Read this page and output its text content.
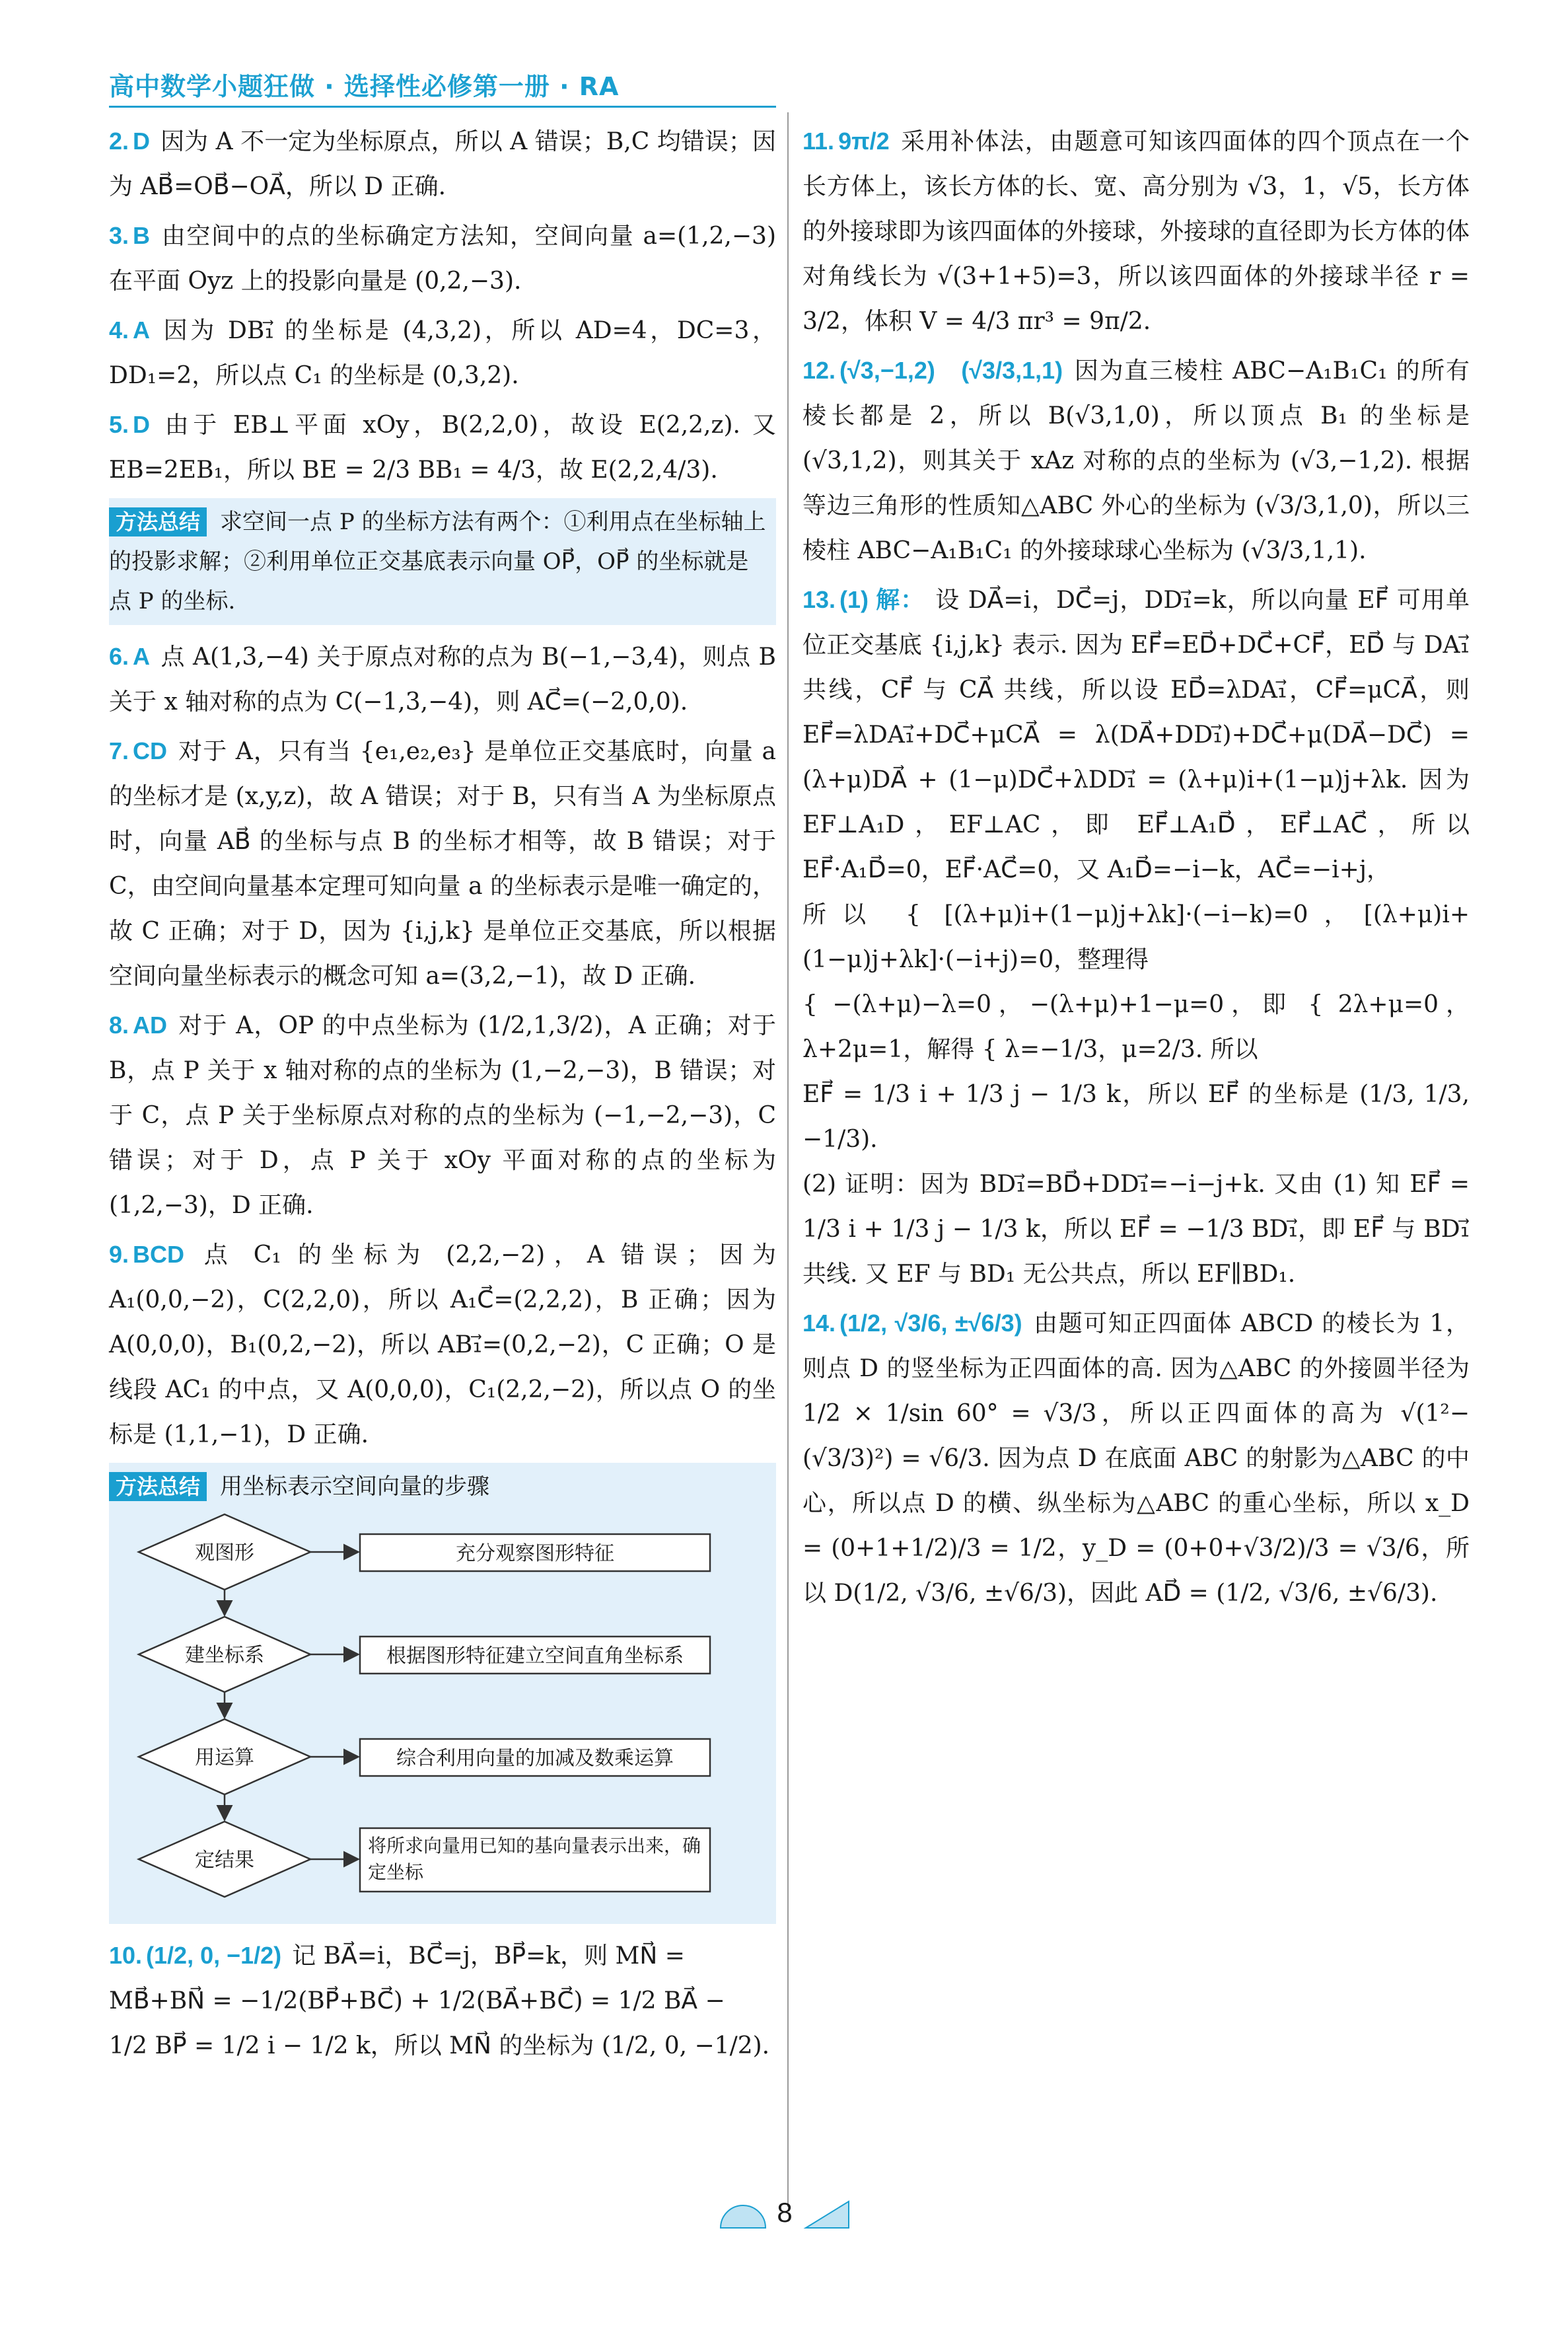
高中数学小题狂做 · 选择性必修第一册 · RA
2. D 因为 A 不一定为坐标原点，所以 A 错误；B,C 均错误；因为 AB⃗=OB⃗−OA⃗，所以 D 正确.
3. B 由空间中的点的坐标确定方法知，空间向量 a=(1,2,−3) 在平面 Oyz 上的投影向量是 (0,2,−3).
4. A 因为 DB₁⃗ 的坐标是 (4,3,2)，所以 AD=4，DC=3，DD₁=2，所以点 C₁ 的坐标是 (0,3,2).
5. D 由于 EB⊥平面 xOy，B(2,2,0)，故设 E(2,2,z). 又 EB=2EB₁，所以 BE = 2/3 BB₁ = 4/3，故 E(2,2,4/3).
方法总结 求空间一点 P 的坐标方法有两个：①利用点在坐标轴上的投影求解；②利用单位正交基底表示向量 OP⃗，OP⃗ 的坐标就是点 P 的坐标.
6. A 点 A(1,3,−4) 关于原点对称的点为 B(−1,−3,4)，则点 B 关于 x 轴对称的点为 C(−1,3,−4)，则 AC⃗=(−2,0,0).
7. CD 对于 A，只有当 {e₁,e₂,e₃} 是单位正交基底时，向量 a 的坐标才是 (x,y,z)，故 A 错误；对于 B，只有当 A 为坐标原点时，向量 AB⃗ 的坐标与点 B 的坐标才相等，故 B 错误；对于 C，由空间向量基本定理可知向量 a 的坐标表示是唯一确定的，故 C 正确；对于 D，因为 {i,j,k} 是单位正交基底，所以根据空间向量坐标表示的概念可知 a=(3,2,−1)，故 D 正确.
8. AD 对于 A，OP 的中点坐标为 (1/2,1,3/2)，A 正确；对于 B，点 P 关于 x 轴对称的点的坐标为 (1,−2,−3)，B 错误；对于 C，点 P 关于坐标原点对称的点的坐标为 (−1,−2,−3)，C 错误；对于 D，点 P 关于 xOy 平面对称的点的坐标为 (1,2,−3)，D 正确.
9. BCD 点 C₁ 的坐标为 (2,2,−2)，A 错误；因为 A₁(0,0,−2)，C(2,2,0)，所以 A₁C⃗=(2,2,2)，B 正确；因为 A(0,0,0)，B₁(0,2,−2)，所以 AB₁⃗=(0,2,−2)，C 正确；O 是线段 AC₁ 的中点，又 A(0,0,0)，C₁(2,2,−2)，所以点 O 的坐标是 (1,1,−1)，D 正确.
方法总结 用坐标表示空间向量的步骤
观图形	充分观察图形特征
建坐标系	根据图形特征建立空间直角坐标系
用运算	综合利用向量的加减及数乘运算
定结果
将所求向量用已知的基向量表示出来，确定坐标
10. (1/2, 0, −1/2) 记 BA⃗=i，BC⃗=j，BP⃗=k，则 MN⃗ =
MB⃗+BN⃗ = −1/2(BP⃗+BC⃗) + 1/2(BA⃗+BC⃗) = 1/2 BA⃗ −
1/2 BP⃗ = 1/2 i − 1/2 k，所以 MN⃗ 的坐标为 (1/2, 0, −1/2).
11. 9π/2 采用补体法，由题意可知该四面体的四个顶点在一个长方体上，该长方体的长、宽、高分别为 √3，1，√5，长方体的外接球即为该四面体的外接球，外接球的直径即为长方体的体对角线长为 √(3+1+5)=3，所以该四面体的外接球半径 r = 3/2，体积 V = 4/3 πr³ = 9π/2.
12. (√3,−1,2)　(√3/3,1,1) 因为直三棱柱 ABC−A₁B₁C₁ 的所有棱长都是 2，所以 B(√3,1,0)，所以顶点 B₁ 的坐标是 (√3,1,2)，则其关于 xAz 对称的点的坐标为 (√3,−1,2). 根据等边三角形的性质知△ABC 外心的坐标为 (√3/3,1,0)，所以三棱柱 ABC−A₁B₁C₁ 的外接球球心坐标为 (√3/3,1,1).
13. (1) 解： 设 DA⃗=i，DC⃗=j，DD₁⃗=k，所以向量 EF⃗ 可用单位正交基底 {i,j,k} 表示. 因为 EF⃗=ED⃗+DC⃗+CF⃗，ED⃗ 与 DA₁⃗ 共线，CF⃗ 与 CA⃗ 共线，所以设 ED⃗=λDA₁⃗，CF⃗=μCA⃗，则 EF⃗=λDA₁⃗+DC⃗+μCA⃗ = λ(DA⃗+DD₁⃗)+DC⃗+μ(DA⃗−DC⃗) = (λ+μ)DA⃗ + (1−μ)DC⃗+λDD₁⃗ = (λ+μ)i+(1−μ)j+λk. 因为 EF⊥A₁D，EF⊥AC，即 EF⃗⊥A₁D⃗，EF⃗⊥AC⃗，所以 EF⃗·A₁D⃗=0，EF⃗·AC⃗=0，又 A₁D⃗=−i−k，AC⃗=−i+j，
所以 { [(λ+μ)i+(1−μ)j+λk]·(−i−k)=0，[(λ+μ)i+(1−μ)j+λk]·(−i+j)=0，整理得
{ −(λ+μ)−λ=0，−(λ+μ)+1−μ=0，即 { 2λ+μ=0，λ+2μ=1，解得 { λ=−1/3，μ=2/3. 所以
EF⃗ = 1/3 i + 1/3 j − 1/3 k，所以 EF⃗ 的坐标是 (1/3, 1/3, −1/3).
(2) 证明：因为 BD₁⃗=BD⃗+DD₁⃗=−i−j+k. 又由 (1) 知 EF⃗ = 1/3 i + 1/3 j − 1/3 k，所以 EF⃗ = −1/3 BD₁⃗，即 EF⃗ 与 BD₁⃗ 共线. 又 EF 与 BD₁ 无公共点，所以 EF∥BD₁.
14. (1/2, √3/6, ±√6/3) 由题可知正四面体 ABCD 的棱长为 1，则点 D 的竖坐标为正四面体的高. 因为△ABC 的外接圆半径为 1/2 × 1/sin 60° = √3/3，所以正四面体的高为 √(1²−(√3/3)²) = √6/3. 因为点 D 在底面 ABC 的射影为△ABC 的中心，所以点 D 的横、纵坐标为△ABC 的重心坐标，所以 x_D = (0+1+1/2)/3 = 1/2，y_D = (0+0+√3/2)/3 = √3/6，所以 D(1/2, √3/6, ±√6/3)，因此 AD⃗ = (1/2, √3/6, ±√6/3).
8
